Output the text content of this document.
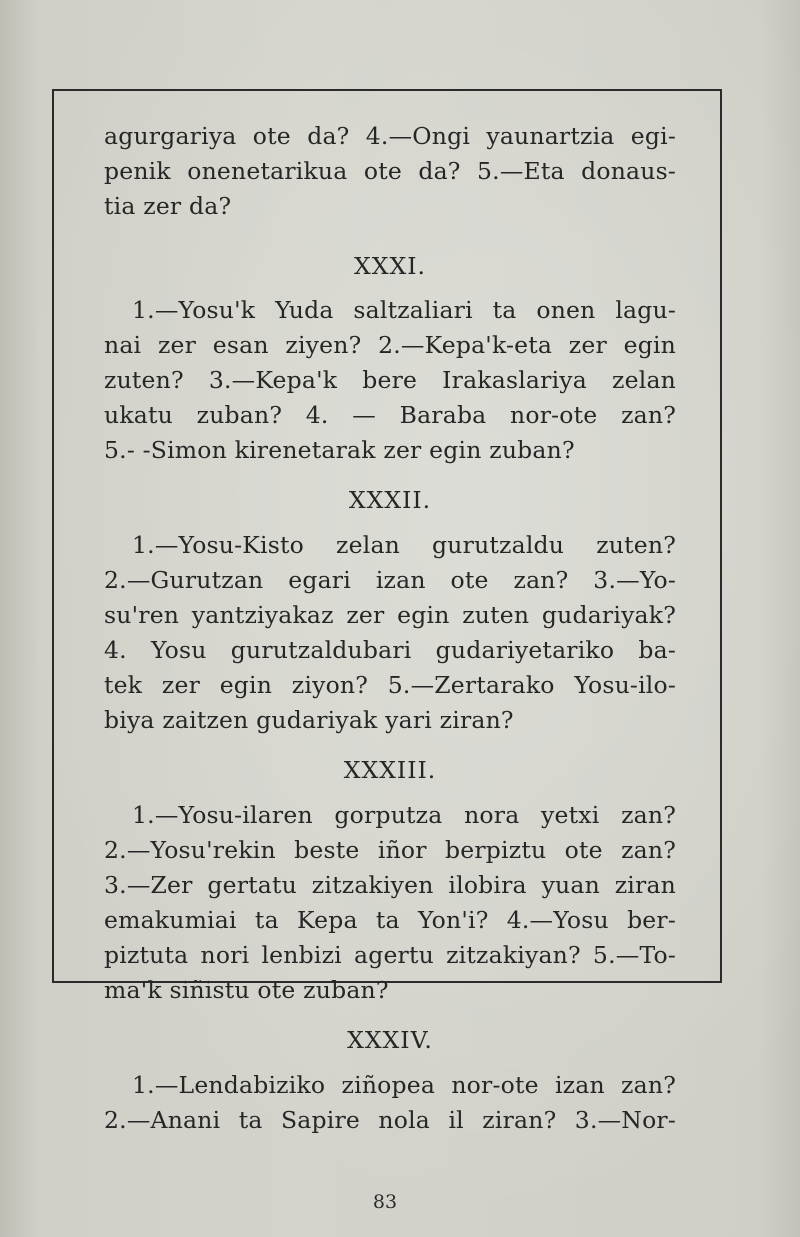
agurgariya ote da? 4.—Ongi yaunartzia egi-
penik onenetarikua ote da? 5.—Eta donaus-
tia zer da?
XXXI.
1.—Yosu'k Yuda saltzaliari ta onen lagu-
nai zer esan ziyen? 2.—Kepa'k-eta zer egin
zuten? 3.—Kepa'k bere Irakaslariya zelan
ukatu zuban? 4. — Baraba nor-ote zan?
5.- -Simon kirenetarak zer egin zuban?
XXXII.
1.—Yosu-Kisto zelan gurutzaldu zuten?
2.—Gurutzan egari izan ote zan? 3.—Yo-
su'ren yantziyakaz zer egin zuten gudariyak?
4. Yosu gurutzaldubari gudariyetariko ba-
tek zer egin ziyon? 5.—Zertarako Yosu-ilo-
biya zaitzen gudariyak yari ziran?
XXXIII.
1.—Yosu-ilaren gorputza nora yetxi zan?
2.—Yosu'rekin beste iñor berpiztu ote zan?
3.—Zer gertatu zitzakiyen ilobira yuan ziran
emakumiai ta Kepa ta Yon'i? 4.—Yosu ber-
piztuta nori lenbizi agertu zitzakiyan? 5.—To-
ma'k siñistu ote zuban?
XXXIV.
1.—Lendabiziko ziñopea nor-ote izan zan?
2.—Anani ta Sapire nola il ziran? 3.—Nor-
83
